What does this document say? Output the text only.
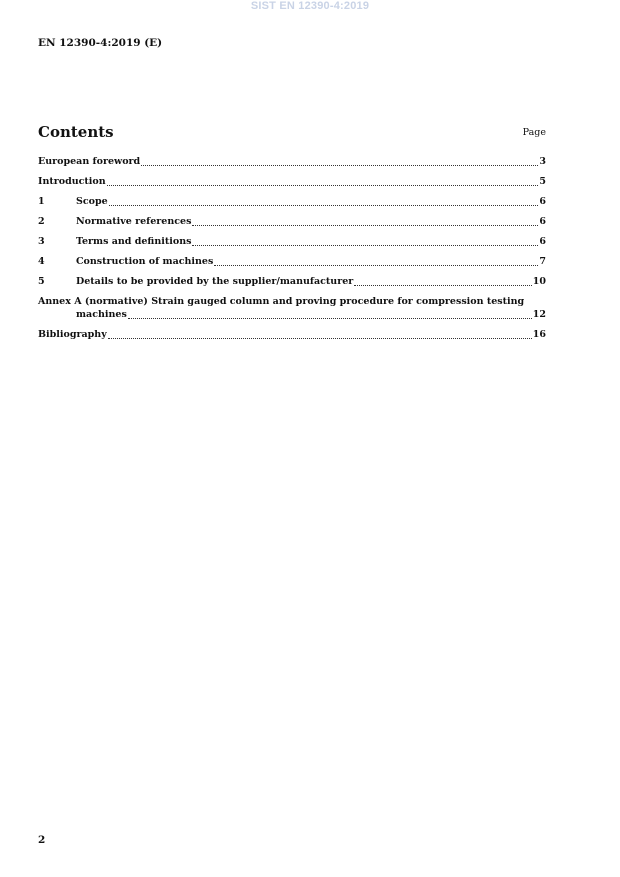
SIST EN 12390-4:2019
EN 12390-4:2019 (E)
Contents	Page
European foreword	3
Introduction	5
1	Scope	6
2	Normative references	6
3	Terms and definitions	6
4	Construction of machines	7
5	Details to be provided by the supplier/manufacturer	10
Annex A (normative) Strain gauged column and proving procedure for compression testing
machines	12
Bibliography	16
2
